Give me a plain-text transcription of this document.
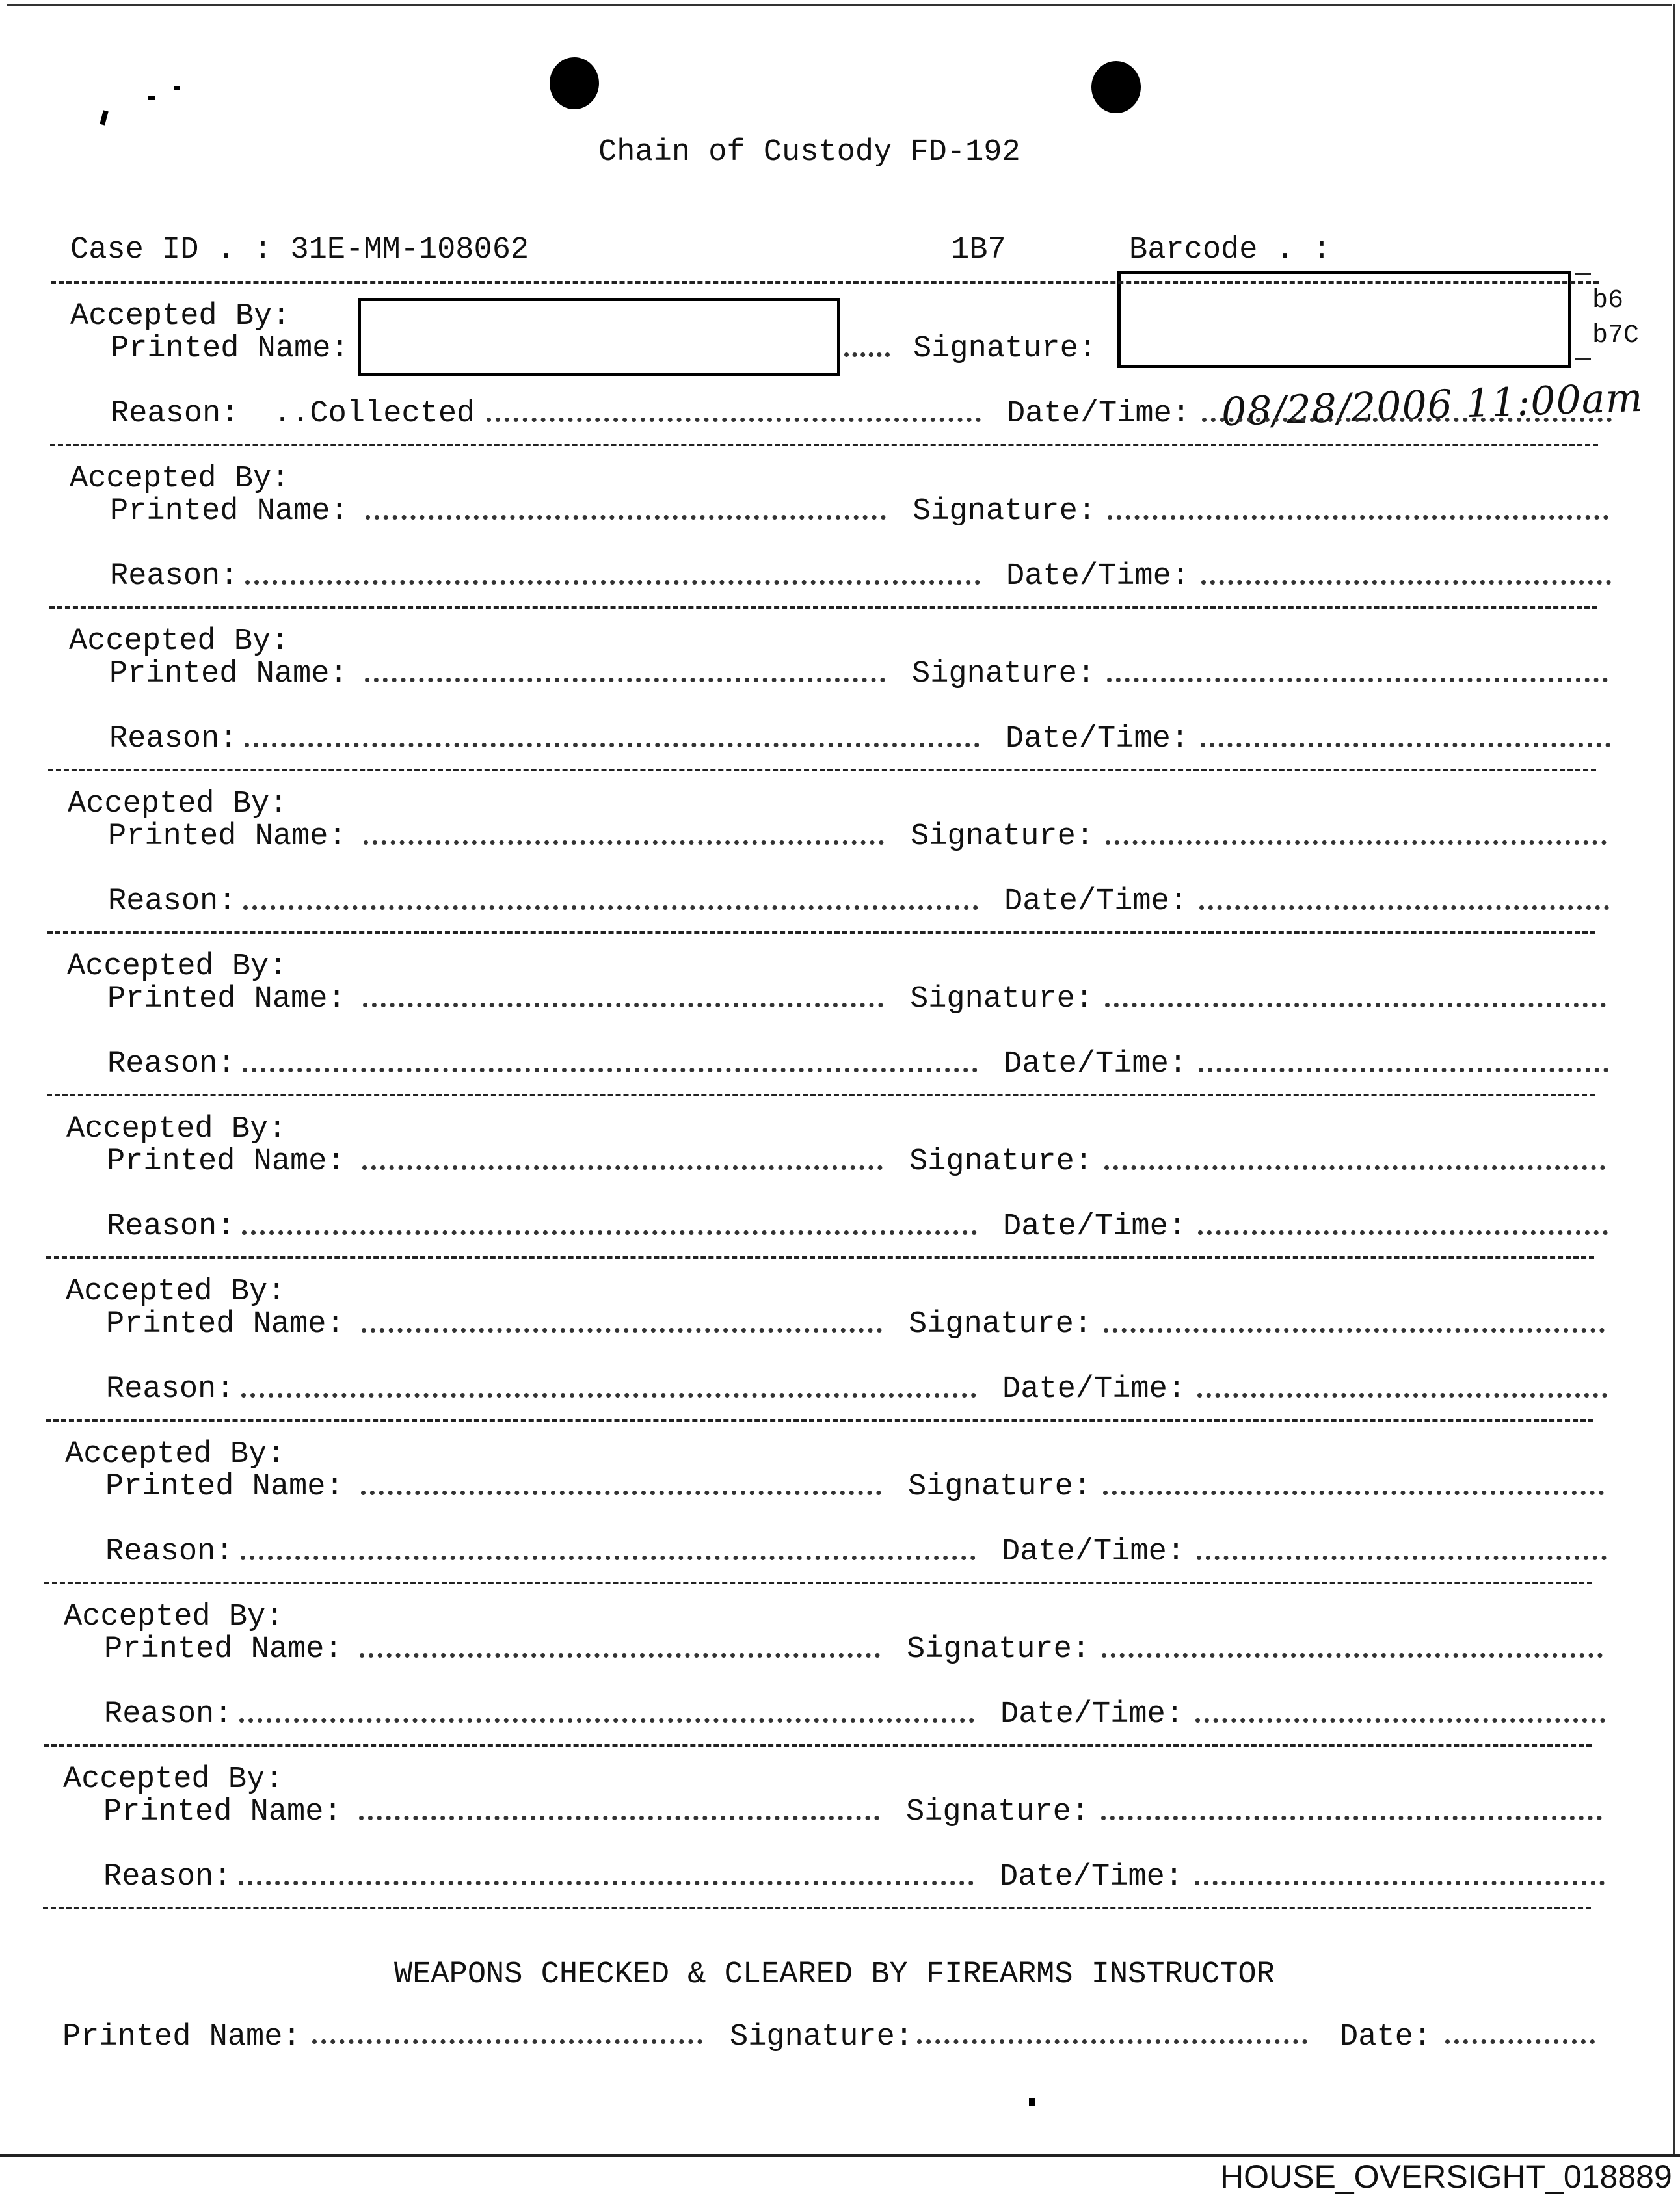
Chain of Custody FD-192
Case ID . : 31E-MM-108062	1B7	Barcode . :
b6
b7C
Accepted By:
Printed Name:	Signature:
Reason: ..Collected	Date/Time: 08/28/2006 11:00am
Accepted By:
Printed Name:	Signature:
Reason:	Date/Time:
Accepted By:
Printed Name:	Signature:
Reason:	Date/Time:
Accepted By:
Printed Name:	Signature:
Reason:	Date/Time:
Accepted By:
Printed Name:	Signature:
Reason:	Date/Time:
Accepted By:
Printed Name:	Signature:
Reason:	Date/Time:
Accepted By:
Printed Name:	Signature:
Reason:	Date/Time:
Accepted By:
Printed Name:	Signature:
Reason:	Date/Time:
Accepted By:
Printed Name:	Signature:
Reason:	Date/Time:
Accepted By:
Printed Name:	Signature:
Reason:	Date/Time:
WEAPONS CHECKED & CLEARED BY FIREARMS INSTRUCTOR
Printed Name:	Signature:	Date:
HOUSE_OVERSIGHT_018889
